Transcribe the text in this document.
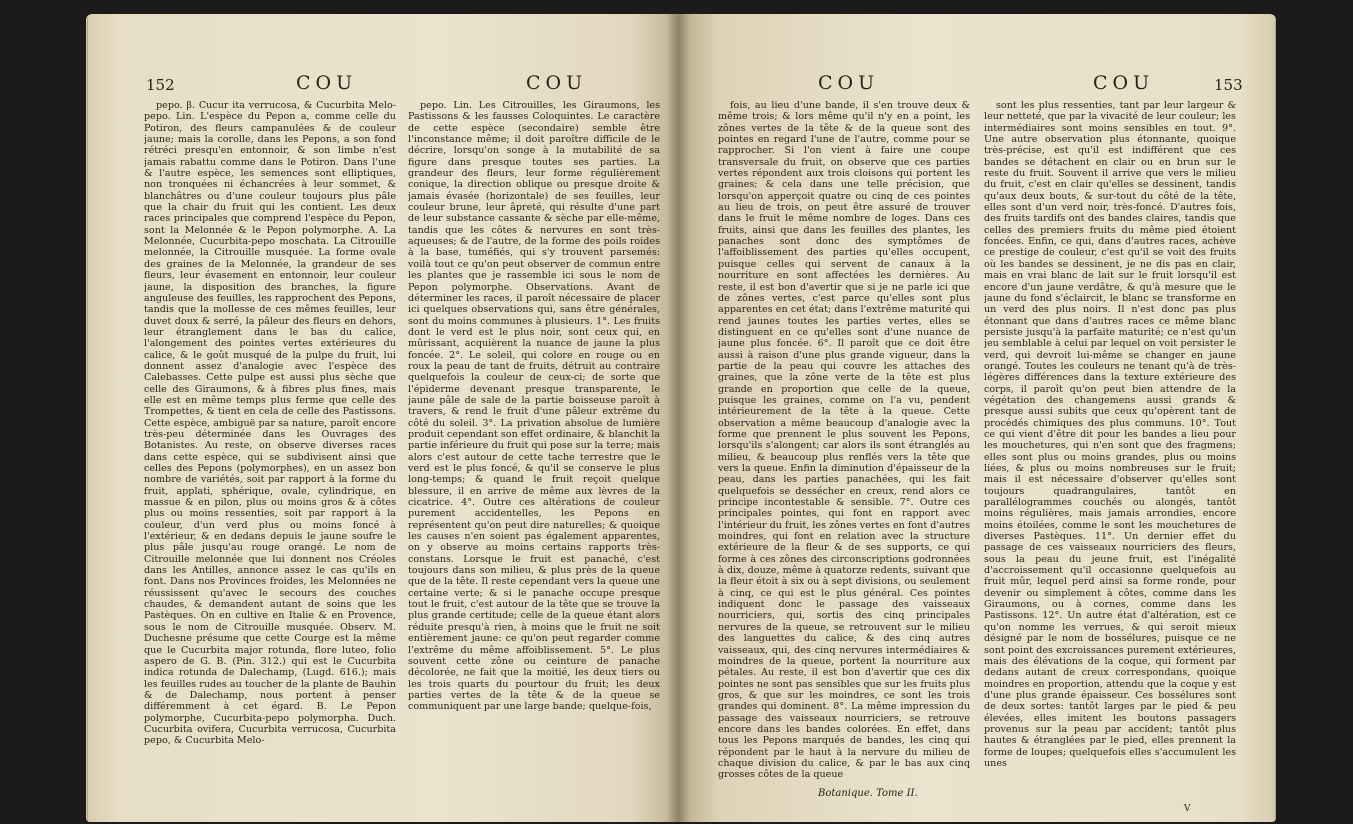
152	COU	COU

pepo. β. Cucur ita verrucosa, & Cucurbita Melo-pepo. Lin. L'espèce du Pepon a, comme celle du Potiron, des fleurs campanulées & de couleur jaune; mais la corolle, dans les Pepons, a son fond rétréci presqu'en entonnoir, & son limbe n'est jamais rabattu comme dans le Potiron. Dans l'une & l'autre espèce, les semences sont elliptiques, non tronquées ni échancrées à leur sommet, & blanchâtres ou d'une couleur toujours plus pâle que la chair du fruit qui les contient. Les deux races principales que comprend l'espèce du Pepon, sont la Melonnée & le Pepon polymorphe. A. La Melonnée, Cucurbita-pepo moschata. La Citrouille melonnée, la Citrouille musquée. La forme ovale des graines de la Melonnée, la grandeur de ses fleurs, leur évasement en entonnoir, leur couleur jaune, la disposition des branches, la figure anguleuse des feuilles, les rapprochent des Pepons, tandis que la mollesse de ces mêmes feuilles, leur duvet doux & serré, la pâleur des fleurs en dehors, leur étranglement dans le bas du calice, l'alongement des pointes vertes extérieures du calice, & le goût musqué de la pulpe du fruit, lui donnent assez d'analogie avec l'espèce des Calebasses. Cette pulpe est aussi plus sèche que celle des Giraumons, & à fibres plus fines, mais elle est en même temps plus ferme que celle des Trompettes, & tient en cela de celle des Pastissons. Cette espèce, ambiguë par sa nature, paroît encore très-peu déterminée dans les Ouvrages des Botanistes. Au reste, on observe diverses races dans cette espèce, qui se subdivisent ainsi que celles des Pepons (polymorphes), en un assez bon nombre de variétés, soit par rapport à la forme du fruit, applati, sphérique, ovale, cylindrique, en massue & en pilon, plus ou moins gros & à côtes plus ou moins ressenties, soit par rapport à la couleur, d'un verd plus ou moins foncé à l'extérieur, & en dedans depuis le jaune soufre le plus pâle jusqu'au rouge orangé. Le nom de Citrouille melonnée que lui donnent nos Créoles dans les Antilles, annonce assez le cas qu'ils en font. Dans nos Provinces froides, les Melonnées ne réussissent qu'avec le secours des couches chaudes, & demandent autant de soins que les Pastèques. On en cultive en Italie & en Provence, sous le nom de Citrouille musquée. Observ. M. Duchesne présume que cette Courge est la même que le Cucurbita major rotunda, flore luteo, folio aspero de G. B. (Pin. 312.) qui est le Cucurbita indica rotunda de Dalechamp, (Lugd. 616.); mais les feuilles rudes au toucher de la plante de Bauhin & de Dalechamp, nous portent à penser différemment à cet égard. B. Le Pepon polymorphe, Cucurbita-pepo polymorpha. Duch. Cucurbita ovifera, Cucurbita verrucosa, Cucurbita pepo, & Cucurbita Melo-

pepo. Lin. Les Citrouilles, les Giraumons, les Pastissons & les fausses Coloquintes. Le caractère de cette espèce (secondaire) semble être l'inconstance même; il doit paroître difficile de le décrire, lorsqu'on songe à la mutabilité de sa figure dans presque toutes ses parties. La grandeur des fleurs, leur forme régulièrement conique, la direction oblique ou presque droite & jamais évasée (horizontale) de ses feuilles, leur couleur brune, leur âpreté, qui résulte d'une part de leur substance cassante & sèche par elle-même, tandis que les côtes & nervures en sont très-aqueuses; & de l'autre, de la forme des poils roides à la base, tuméfiés, qui s'y trouvent parsemés: voilà tout ce qu'on peut observer de commun entre les plantes que je rassemble ici sous le nom de Pepon polymorphe. Observations. Avant de déterminer les races, il paroît nécessaire de placer ici quelques observations qui, sans être générales, sont du moins communes à plusieurs. 1°. Les fruits dont le verd est le plus noir, sont ceux qui, en mûrissant, acquièrent la nuance de jaune la plus foncée. 2°. Le soleil, qui colore en rouge ou en roux la peau de tant de fruits, détruit au contraire quelquefois la couleur de ceux-ci; de sorte que l'épiderme devenant presque transparente, le jaune pâle de sale de la partie boisseuse paroît à travers, & rend le fruit d'une pâleur extrême du côté du soleil. 3°. La privation absolue de lumière produit cependant son effet ordinaire, & blanchit la partie inférieure du fruit qui pose sur la terre; mais alors c'est autour de cette tache terrestre que le verd est le plus foncé, & qu'il se conserve le plus long-temps; & quand le fruit reçoit quelque blessure, il en arrive de même aux lèvres de la cicatrice. 4°. Outre ces altérations de couleur purement accidentelles, les Pepons en représentent qu'on peut dire naturelles; & quoique les causes n'en soient pas également apparentes, on y observe au moins certains rapports très-constans. Lorsque le fruit est panaché, c'est toujours dans son milieu, & plus près de la queue que de la tête. Il reste cependant vers la queue une certaine verte; & si le panache occupe presque tout le fruit, c'est autour de la tête que se trouve la plus grande certitude; celle de la queue étant alors réduite presqu'à rien, à moins que le fruit ne soit entièrement jaune: ce qu'on peut regarder comme l'extrême du même affoiblissement. 5°. Le plus souvent cette zône ou ceinture de panache décolorée, ne fait que la moitié, les deux tiers ou les trois quarts du pourtour du fruit; les deux parties vertes de la tête & de la queue se communiquent par une large bande; quelque-fois,

COU	COU	153

fois, au lieu d'une bande, il s'en trouve deux & même trois; & lors même qu'il n'y en a point, les zônes vertes de la tête & de la queue sont des pointes en regard l'une de l'autre, comme pour se rapprocher. Si l'on vient à faire une coupe transversale du fruit, on observe que ces parties vertes répondent aux trois cloisons qui portent les graines; & cela dans une telle précision, que lorsqu'on apperçoit quatre ou cinq de ces pointes au lieu de trois, on peut être assuré de trouver dans le fruit le même nombre de loges. Dans ces fruits, ainsi que dans les feuilles des plantes, les panaches sont donc des symptômes de l'affoiblissement des parties qu'elles occupent, puisque celles qui servent de canaux à la nourriture en sont affectées les dernières. Au reste, il est bon d'avertir que si je ne parle ici que de zônes vertes, c'est parce qu'elles sont plus apparentes en cet état; dans l'extrême maturité qui rend jaunes toutes les parties vertes, elles se distinguent en ce qu'elles sont d'une nuance de jaune plus foncée. 6°. Il paroît que ce doit être aussi à raison d'une plus grande vigueur, dans la partie de la peau qui couvre les attaches des graines, que la zône verte de la tête est plus grande en proportion que celle de la queue, puisque les graines, comme on l'a vu, pendent intérieurement de la tête à la queue. Cette observation a même beaucoup d'analogie avec la forme que prennent le plus souvent les Pepons, lorsqu'ils s'alongent; car alors ils sont étranglés au milieu, & beaucoup plus renflés vers la tête que vers la queue. Enfin la diminution d'épaisseur de la peau, dans les parties panachées, qui les fait quelquefois se dessécher en creux, rend alors ce principe incontestable & sensible. 7°. Outre ces principales pointes, qui font en rapport avec l'intérieur du fruit, les zônes vertes en font d'autres moindres, qui font en relation avec la structure extérieure de la fleur & de ses supports, ce qui forme à ces zônes des circonscriptions godronnées à dix, douze, même à quatorze redents, suivant que la fleur étoit à six ou à sept divisions, ou seulement à cinq, ce qui est le plus général. Ces pointes indiquent donc le passage des vaisseaux nourriciers, qui, sortis des cinq principales nervures de la queue, se retrouvent sur le milieu des languettes du calice, & des cinq autres vaisseaux, qui, des cinq nervures intermédiaires & moindres de la queue, portent la nourriture aux pétales. Au reste, il est bon d'avertir que ces dix pointes ne sont pas sensibles que sur les fruits plus gros, & que sur les moindres, ce sont les trois grandes qui dominent. 8°. La même impression du passage des vaisseaux nourriciers, se retrouve encore dans les bandes colorées. En effet, dans tous les Pepons marqués de bandes, les cinq qui répondent par le haut à la nervure du milieu de chaque division du calice, & par le bas aux cinq grosses côtes de la queue

sont les plus ressenties, tant par leur largeur & leur netteté, que par la vivacité de leur couleur; les intermédiaires sont moins sensibles en tout. 9°. Une autre observation plus étonnante, quoique très-précise, est qu'il est indifférent que ces bandes se détachent en clair ou en brun sur le reste du fruit. Souvent il arrive que vers le milieu du fruit, c'est en clair qu'elles se dessinent, tandis qu'aux deux bouts, & sur-tout du côté de la tête, elles sont d'un verd noir, très-foncé. D'autres fois, des fruits tardifs ont des bandes claires, tandis que celles des premiers fruits du même pied étoient foncées. Enfin, ce qui, dans d'autres races, achève ce prestige de couleur, c'est qu'il se voit des fruits où les bandes se dessinent, je ne dis pas en clair, mais en vrai blanc de lait sur le fruit lorsqu'il est encore d'un jaune verdâtre, & qu'à mesure que le jaune du fond s'éclaircit, le blanc se transforme en un verd des plus noirs. Il n'est donc pas plus étonnant que dans d'autres races ce même blanc persiste jusqu'à la parfaite maturité; ce n'est qu'un jeu semblable à celui par lequel on voit persister le verd, qui devroit lui-même se changer en jaune orangé. Toutes les couleurs ne tenant qu'à de très-légères différences dans la texture extérieure des corps, il paroît qu'on peut bien attendre de la végétation des changemens aussi grands & presque aussi subits que ceux qu'opèrent tant de procédés chimiques des plus communs. 10°. Tout ce qui vient d'être dit pour les bandes a lieu pour les mouchetures, qui n'en sont que des fragmens; elles sont plus ou moins grandes, plus ou moins liées, & plus ou moins nombreuses sur le fruit; mais il est nécessaire d'observer qu'elles sont toujours quadrangulaires, tantôt en parallélogrammes couchés ou alongés, tantôt moins régulières, mais jamais arrondies, encore moins étoilées, comme le sont les mouchetures de diverses Pastèques. 11°. Un dernier effet du passage de ces vaisseaux nourriciers des fleurs, sous la peau du jeune fruit, est l'inégalité d'accroissement qu'il occasionne quelquefois au fruit mûr, lequel perd ainsi sa forme ronde, pour devenir ou simplement à côtes, comme dans les Giraumons, ou à cornes, comme dans les Pastissons. 12°. Un autre état d'altération, est ce qu'on nomme les verrues, & qui seroit mieux désigné par le nom de bossélures, puisque ce ne sont point des excroissances purement extérieures, mais des élévations de la coque, qui forment par dedans autant de creux correspondans, quoique moindres en proportion, attendu que la coque y est d'une plus grande épaisseur. Ces bossélures sont de deux sortes: tantôt larges par le pied & peu élevées, elles imitent les boutons passagers provenus sur la peau par accident; tantôt plus hautes & étranglées par le pied, elles prennent la forme de loupes; quelquefois elles s'accumulent les unes

Botanique. Tome II.
V
